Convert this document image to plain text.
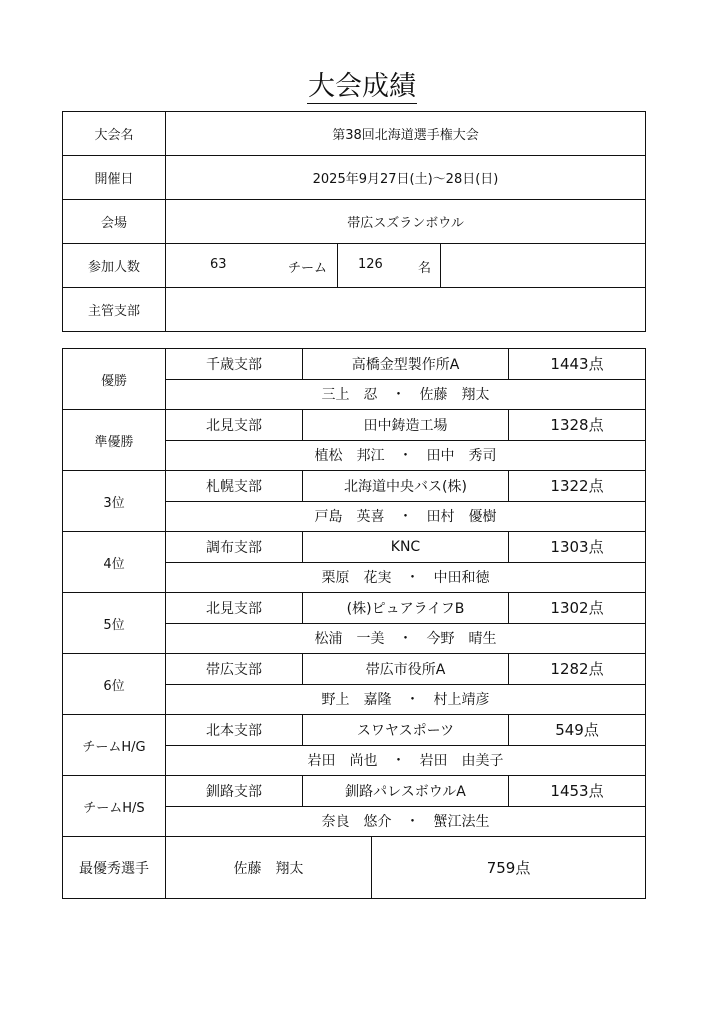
大会成績
大会名	第38回北海道選手権大会		
開催日	2025年9月27日(土)～28日(日)		
会場	帯広スズランボウル		
参加人数	63 チーム	126 名	

主管支部			
優勝	千歳支部	高橋金型製作所A		1443点
	三上　忍　・　佐藤　翔太			
準優勝	北見支部	田中鋳造工場		1328点
	植松　邦江　・　田中　秀司			
3位	札幌支部	北海道中央バス(株)		1322点
	戸島　英喜　・　田村　優樹			
4位	調布支部	KNC		1303点
	栗原　花実　・　中田和徳			
5位	北見支部	(株)ピュアライフB		1302点
	松浦　一美　・　今野　晴生			
6位	帯広支部	帯広市役所A		1282点
	野上　嘉隆　・　村上靖彦			
チームH/G	北本支部	スワヤスポーツ		549点
	岩田　尚也　・　岩田　由美子			
チームH/S	釧路支部	釧路パレスボウルA		1453点
	奈良　悠介　・　蟹江法生			
最優秀選手	佐藤　翔太		759点	
